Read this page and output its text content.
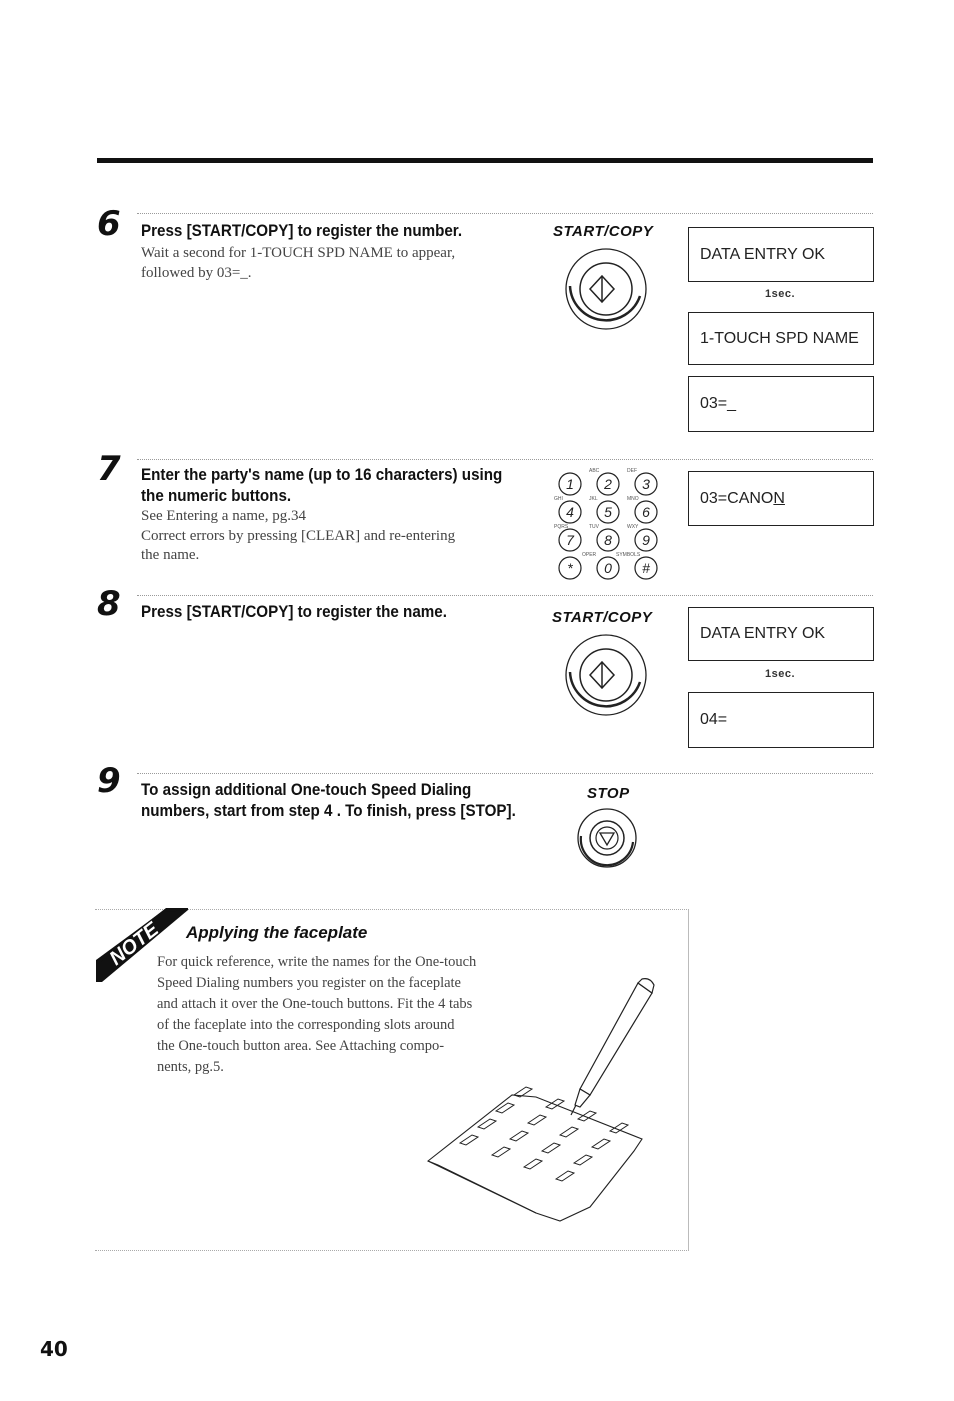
6 Press [START/COPY] to register the number.
Wait a second for 1-TOUCH SPD NAME to appear,
followed by 03=_.
START/COPY
DATA ENTRY OK
1sec.
1-TOUCH SPD NAME
03=_
7 Enter the party's name (up to 16 characters) using
the numeric buttons.
See Entering a name, pg.34
Correct errors by pressing [CLEAR] and re-entering
the name.
1 2 3
4 5 6
7 8 9
* 0 #
ABC	DEF
GHI	JKL	MNO
PQRS	TUV	WXY
OPER	SYMBOLS
03=CANO N
8 Press [START/COPY] to register the name.	START/COPY
DATA ENTRY OK
1sec.
04=
9 To assign additional One-touch Speed Dialing
numbers, start from step 4 . To finish, press [STOP].
STOP
NOTE Applying the faceplate
For quick reference, write the names for the One-touch
Speed Dialing numbers you register on the faceplate
and attach it over the One-touch buttons. Fit the 4 tabs
of the faceplate into the corresponding slots around
the One-touch button area. See Attaching compo-
nents, pg.5.
40
